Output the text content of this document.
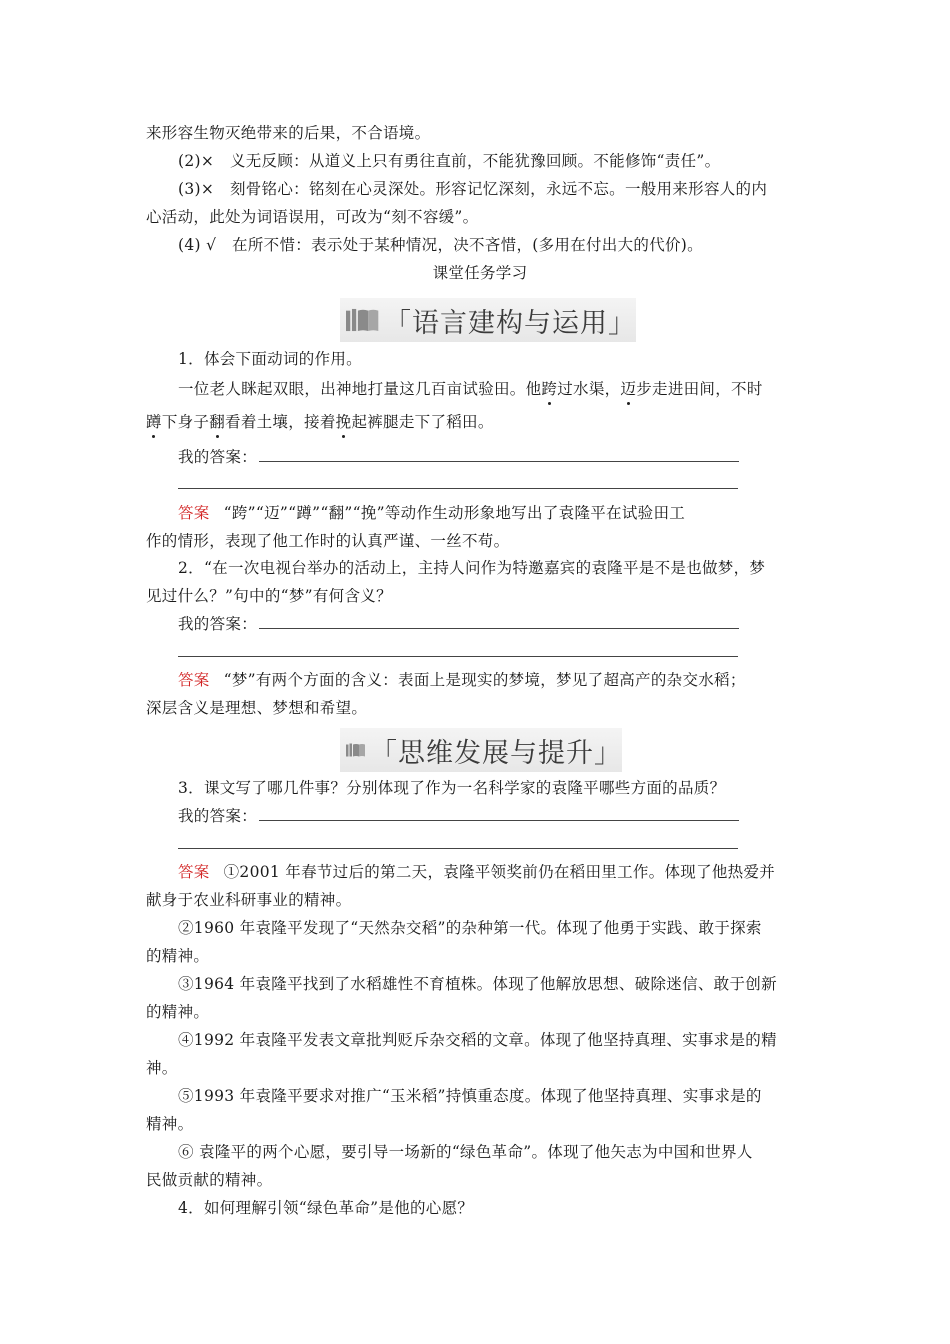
来形容生物灭绝带来的后果，不合语境。
(2)×　义无反顾：从道义上只有勇往直前，不能犹豫回顾。不能修饰“责任”。
(3)×　刻骨铭心：铭刻在心灵深处。形容记忆深刻，永远不忘。一般用来形容人的内
心活动，此处为词语误用，可改为“刻不容缓”。
(4) √　在所不惜：表示处于某种情况，决不吝惜，(多用在付出大的代价)。
课堂任务学习
「语言建构与运用」
1．体会下面动词的作用。
一位老人眯起双眼，出神地打量这几百亩试验田。他跨过水渠，迈步走进田间，不时
蹲下身子翻看着土壤，接着挽起裤腿走下了稻田。
我的答案：
答案 “跨”“迈”“蹲”“翻”“挽”等动作生动形象地写出了袁隆平在试验田工
作的情形，表现了他工作时的认真严谨、一丝不苟。
2．“在一次电视台举办的活动上，主持人问作为特邀嘉宾的袁隆平是不是也做梦，梦
见过什么？”句中的“梦”有何含义？
我的答案：
答案 “梦”有两个方面的含义：表面上是现实的梦境，梦见了超高产的杂交水稻；
深层含义是理想、梦想和希望。
「思维发展与提升」
3．课文写了哪几件事？分别体现了作为一名科学家的袁隆平哪些方面的品质？
我的答案：
答案 ①2001 年春节过后的第二天，袁隆平领奖前仍在稻田里工作。体现了他热爱并
献身于农业科研事业的精神。
②1960 年袁隆平发现了“天然杂交稻”的杂种第一代。体现了他勇于实践、敢于探索
的精神。
③1964 年袁隆平找到了水稻雄性不育植株。体现了他解放思想、破除迷信、敢于创新
的精神。
④1992 年袁隆平发表文章批判贬斥杂交稻的文章。体现了他坚持真理、实事求是的精
神。
⑤1993 年袁隆平要求对推广“玉米稻”持慎重态度。体现了他坚持真理、实事求是的
精神。
⑥ 袁隆平的两个心愿，要引导一场新的“绿色革命”。体现了他矢志为中国和世界人
民做贡献的精神。
4．如何理解引领“绿色革命”是他的心愿？
